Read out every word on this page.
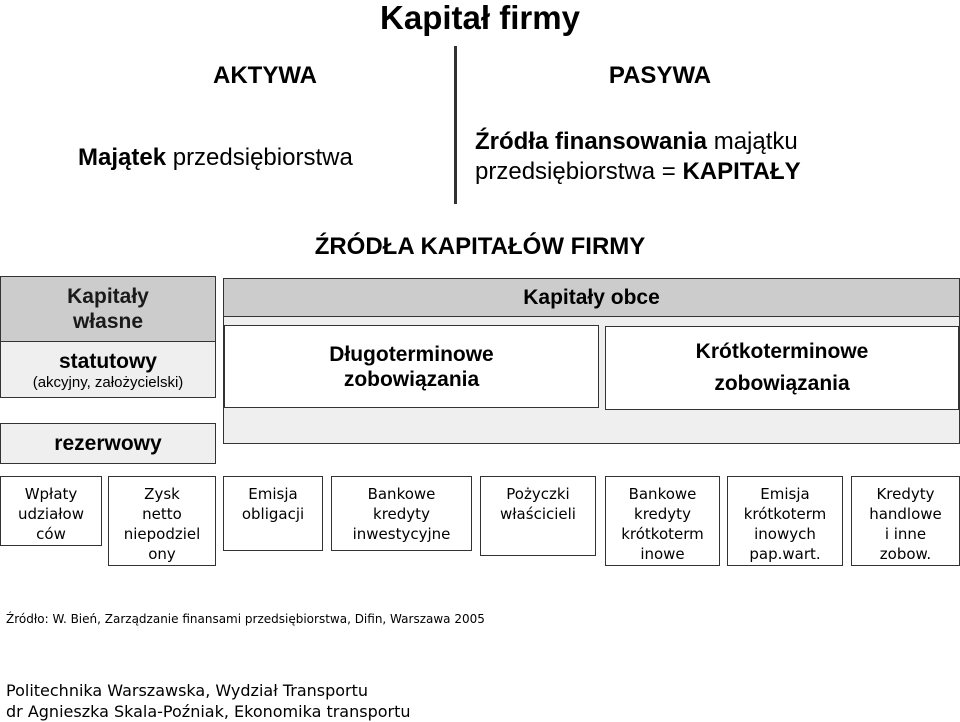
Kapitał firmy
AKTYWA	PASYWA
Majątek przedsiębiorstwa
Źródła finansowania majątku
przedsiębiorstwa = KAPITAŁY
ŹRÓDŁA KAPITAŁÓW FIRMY
Kapitały
własne
statutowy
(akcyjny, założycielski)
rezerwowy
Kapitały obce
Długoterminowe
zobowiązania
Krótkoterminowe
zobowiązania
Wpłaty
udziałow
ców
Zysk
netto
niepodziel
ony
Emisja
obligacji
Bankowe
kredyty
inwestycyjne
Pożyczki
właścicieli
Bankowe
kredyty
krótkoterm
inowe
Emisja
krótkoterm
inowych
pap.wart.
Kredyty
handlowe
i inne
zobow.
Źródło: W. Bień, Zarządzanie finansami przedsiębiorstwa, Difin, Warszawa 2005
Politechnika Warszawska, Wydział Transportu
dr Agnieszka Skala-Poźniak, Ekonomika transportu
